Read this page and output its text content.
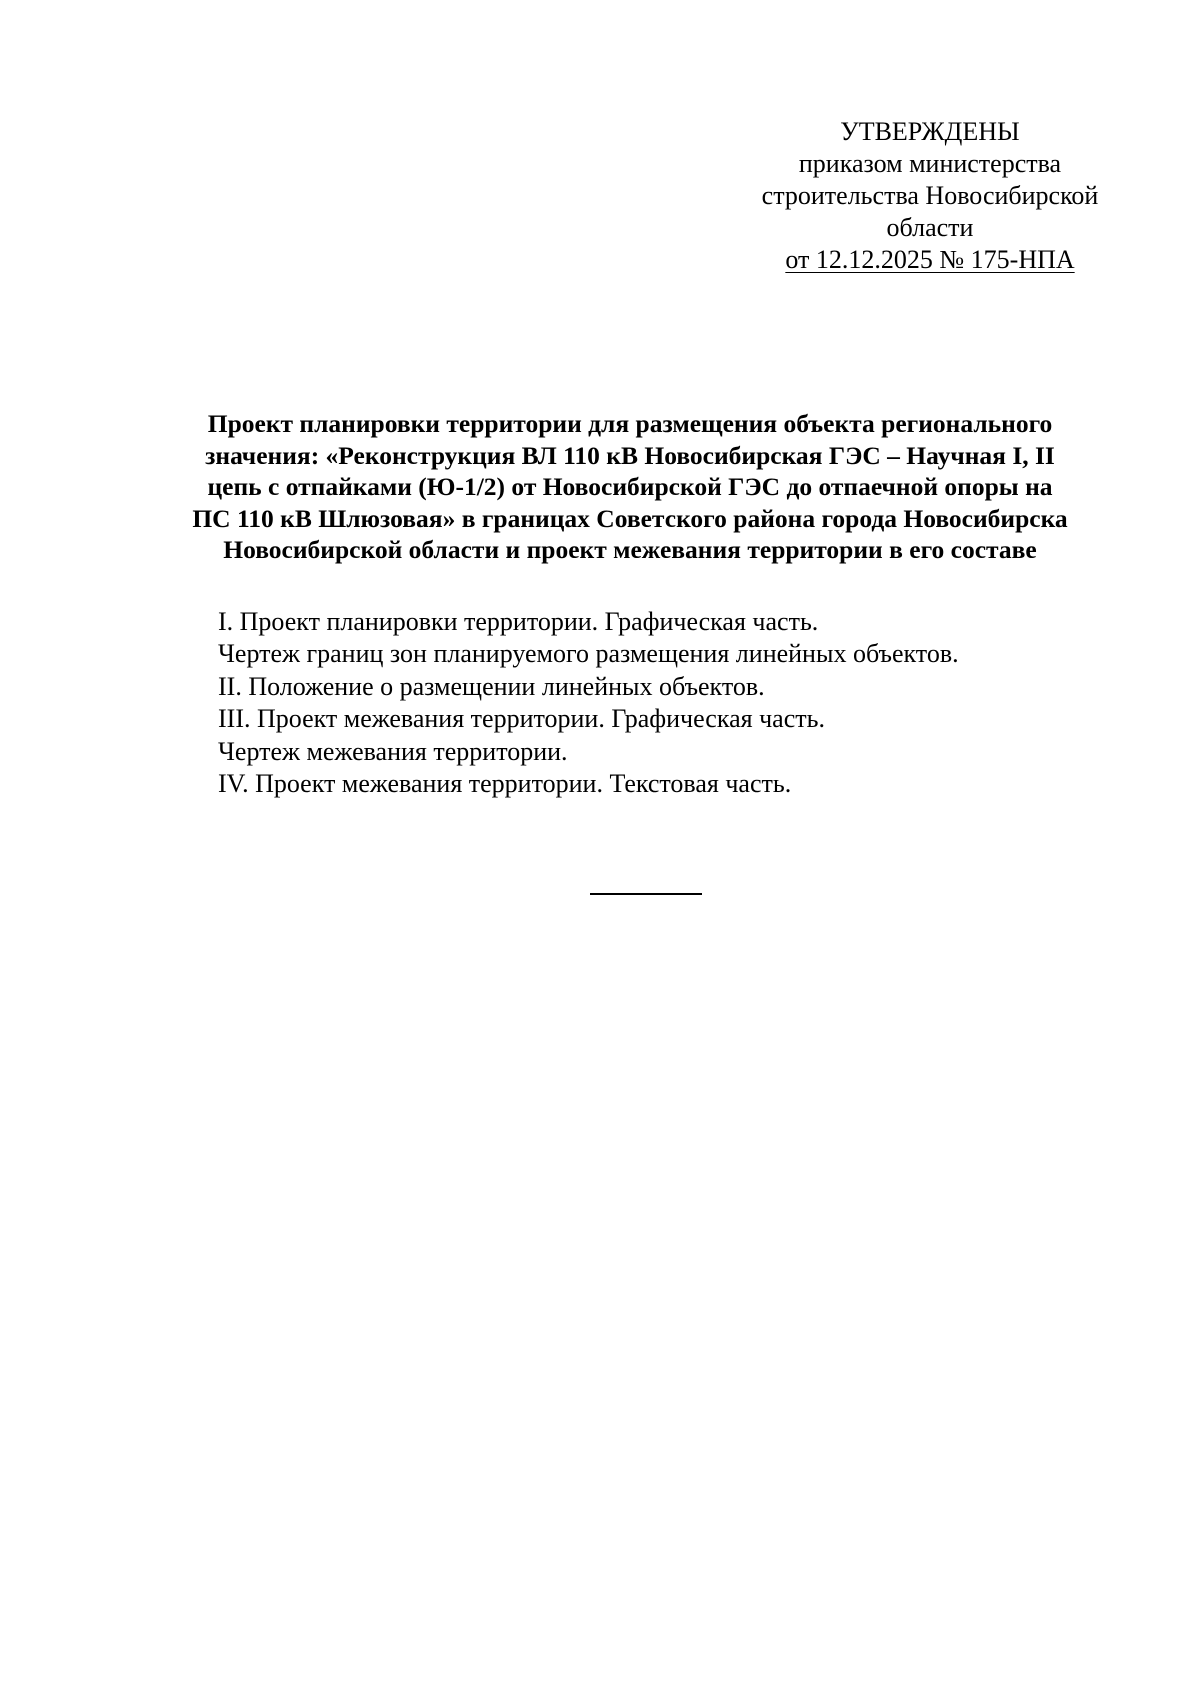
УТВЕРЖДЕНЫ
приказом министерства
строительства Новосибирской
области
от 12.12.2025 № 175-НПА
Проект планировки территории для размещения объекта регионального
значения: «Реконструкция ВЛ 110 кВ Новосибирская ГЭС – Научная I, II
цепь с отпайками (Ю-1/2) от Новосибирской ГЭС до отпаечной опоры на
ПС 110 кВ Шлюзовая» в границах Советского района города Новосибирска
Новосибирской области и проект межевания территории в его составе
I. Проект планировки территории. Графическая часть.
Чертеж границ зон планируемого размещения линейных объектов.
II. Положение о размещении линейных объектов.
III. Проект межевания территории. Графическая часть.
Чертеж межевания территории.
IV. Проект межевания территории. Текстовая часть.
